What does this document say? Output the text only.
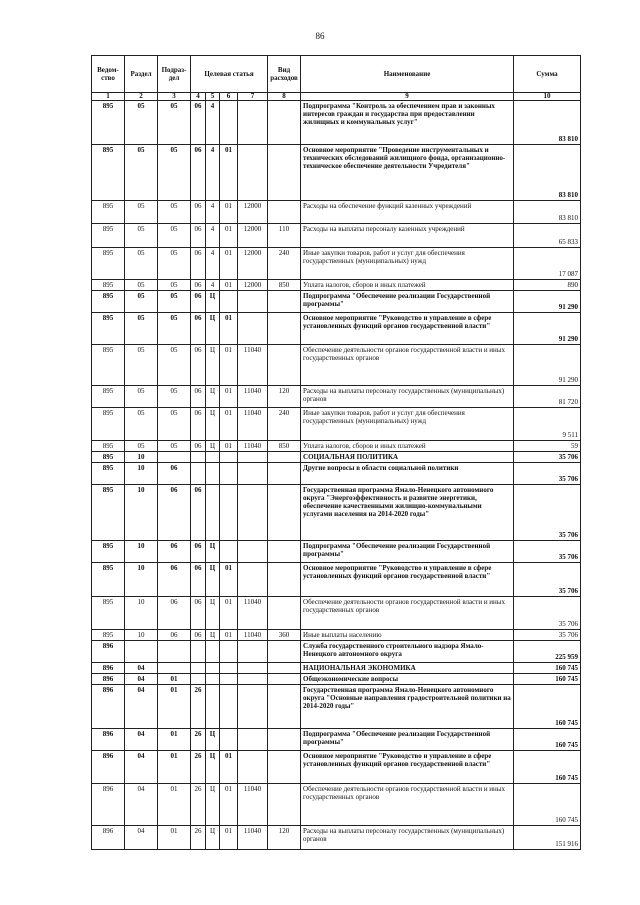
86
Ведом-ство	Раздел	Подраз-дел	Целевая статья				Вид расходов	Наименование	Сумма
1	2	3	4	5	6	7	8	9	10
895	05	05	06	4				Подпрограмма "Контроль за обеспечением прав и законных интересов граждан и государства при предоставлении жилищных и коммунальных услуг"	83 810
895	05	05	06	4	01			Основное мероприятие "Проведение инструментальных и технических обследований жилищного фонда, организационно-техническое обеспечение деятельности Учредителя"	83 810
895	05	05	06	4	01	12000		Расходы на обеспечение функций казенных учреждений	83 810
895	05	05	06	4	01	12000	110	Расходы на выплаты персоналу казенных учреждений	65 833
895	05	05	06	4	01	12000	240	Иные закупки товаров, работ и услуг для обеспечения государственных (муниципальных) нужд	17 087
895	05	05	06	4	01	12000	850	Уплата налогов, сборов и иных платежей	890
895	05	05	06	Ц				Подпрограмма "Обеспечение реализации Государственной программы"	91 290
895	05	05	06	Ц	01			Основное мероприятие "Руководство и управление в сфере установленных функций органов государственной власти"	91 290
895	05	05	06	Ц	01	11040		Обеспечение деятельности органов государственной власти и иных государственных органов	91 290
895	05	05	06	Ц	01	11040	120	Расходы на выплаты персоналу государственных (муниципальных) органов	81 720
895	05	05	06	Ц	01	11040	240	Иные закупки товаров, работ и услуг для обеспечения государственных (муниципальных) нужд	9 511
895	05	05	06	Ц	01	11040	850	Уплата налогов, сборов и иных платежей	59
895	10							СОЦИАЛЬНАЯ ПОЛИТИКА	35 706
895	10	06						Другие вопросы в области социальной политики	35 706
895	10	06	06					Государственная программа Ямало-Ненецкого автономного округа "Энергоэффективность и развитие энергетики, обеспечение качественными жилищно-коммунальными услугами населения на 2014-2020 годы"	35 706
895	10	06	06	Ц				Подпрограмма "Обеспечение реализации Государственной программы"	35 706
895	10	06	06	Ц	01			Основное мероприятие "Руководство и управление в сфере установленных функций органов государственной власти"	35 706
895	10	06	06	Ц	01	11040		Обеспечение деятельности органов государственной власти и иных государственных органов	35 706
895	10	06	06	Ц	01	11040	360	Иные выплаты населению	35 706
896								Служба государственного строительного надзора Ямало-Ненецкого автономного округа	225 959
896	04							НАЦИОНАЛЬНАЯ ЭКОНОМИКА	160 745
896	04	01						Общеэкономические вопросы	160 745
896	04	01	26					Государственная программа Ямало-Ненецкого автономного округа "Основные направления градостроительной политики на 2014-2020 годы"	160 745
896	04	01	26	Ц				Подпрограмма "Обеспечение реализации Государственной программы"	160 745
896	04	01	26	Ц	01			Основное мероприятие "Руководство и управление в сфере установленных функций органов государственной власти"	160 745
896	04	01	26	Ц	01	11040		Обеспечение деятельности органов государственной власти и иных государственных органов	160 745
896	04	01	26	Ц	01	11040	120	Расходы на выплаты персоналу государственных (муниципальных) органов	151 916
